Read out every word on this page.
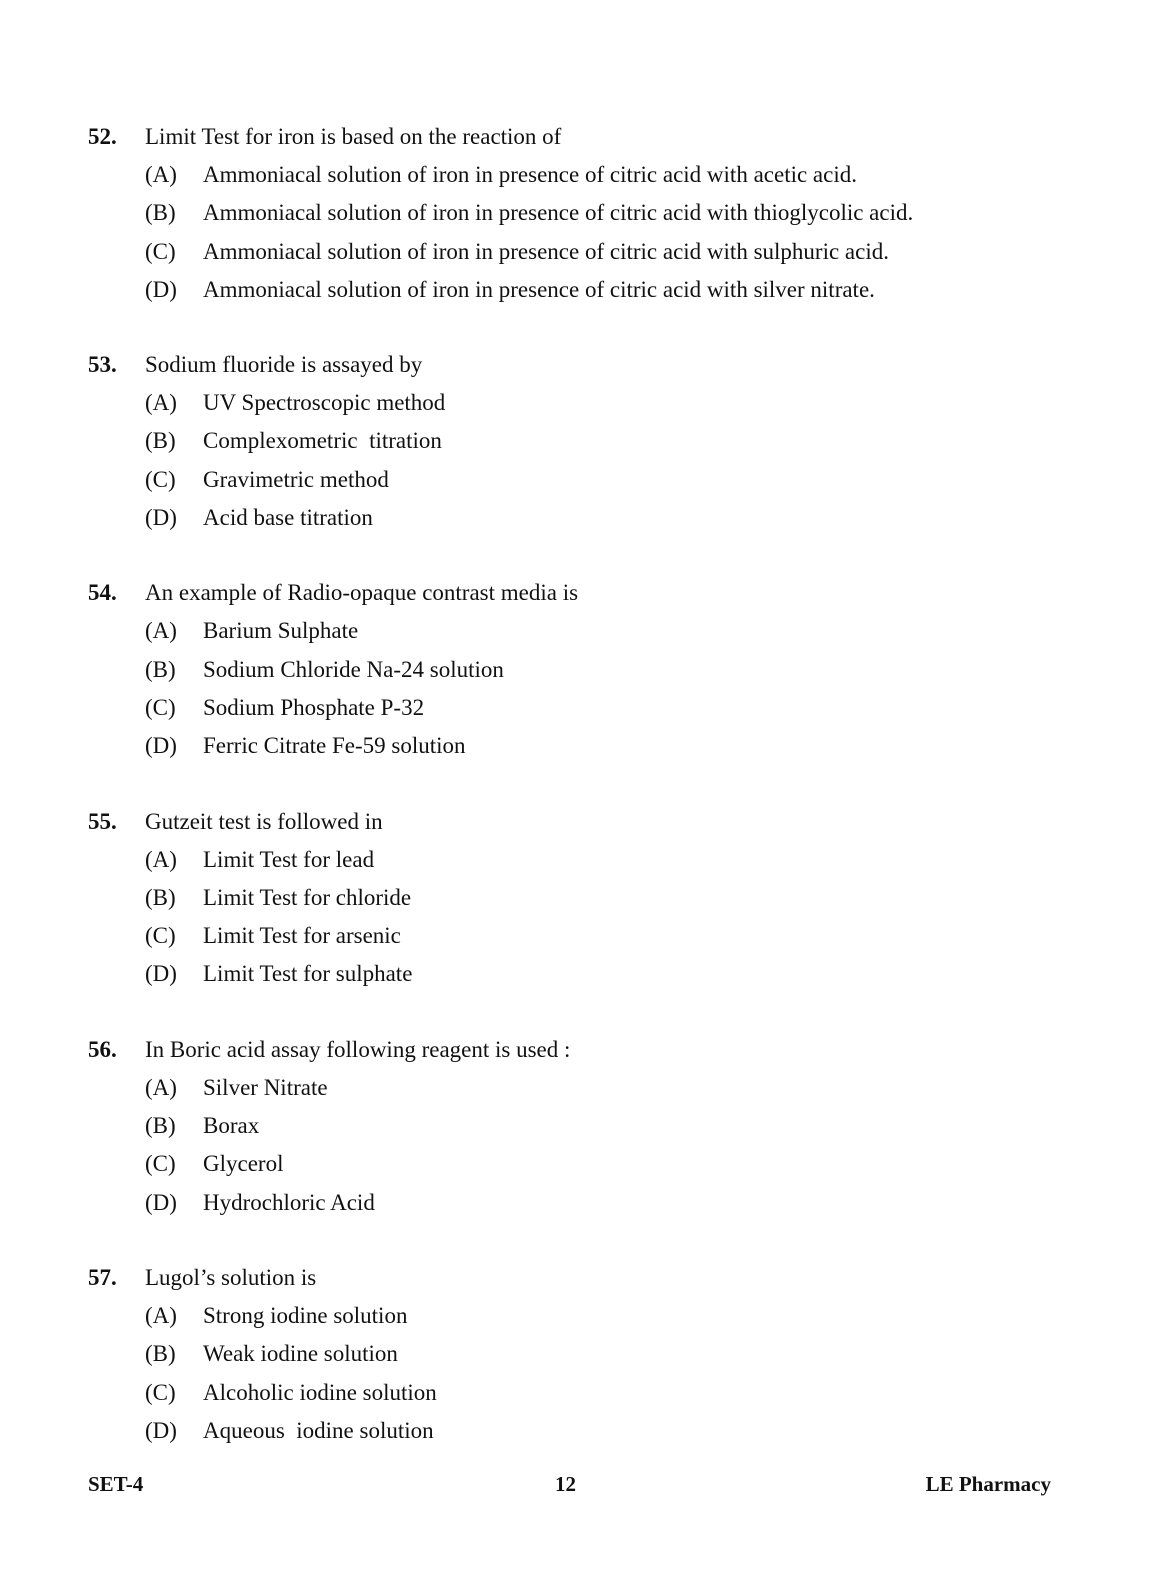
52.	Limit Test for iron is based on the reaction of
(A)	Ammoniacal solution of iron in presence of citric acid with acetic acid.
(B)	Ammoniacal solution of iron in presence of citric acid with thioglycolic acid.
(C)	Ammoniacal solution of iron in presence of citric acid with sulphuric acid.
(D)	Ammoniacal solution of iron in presence of citric acid with silver nitrate.
53.	Sodium fluoride is assayed by
(A)	UV Spectroscopic method
(B)	Complexometric  titration
(C)	Gravimetric method
(D)	Acid base titration
54.	An example of Radio-opaque contrast media is
(A)	Barium Sulphate
(B)	Sodium Chloride Na-24 solution
(C)	Sodium Phosphate P-32
(D)	Ferric Citrate Fe-59 solution
55.	Gutzeit test is followed in
(A)	Limit Test for lead
(B)	Limit Test for chloride
(C)	Limit Test for arsenic
(D)	Limit Test for sulphate
56.	In Boric acid assay following reagent is used :
(A)	Silver Nitrate
(B)	Borax
(C)	Glycerol
(D)	Hydrochloric Acid
57.	Lugol’s solution is
(A)	Strong iodine solution
(B)	Weak iodine solution
(C)	Alcoholic iodine solution
(D)	Aqueous  iodine solution
SET-4	12	LE Pharmacy
